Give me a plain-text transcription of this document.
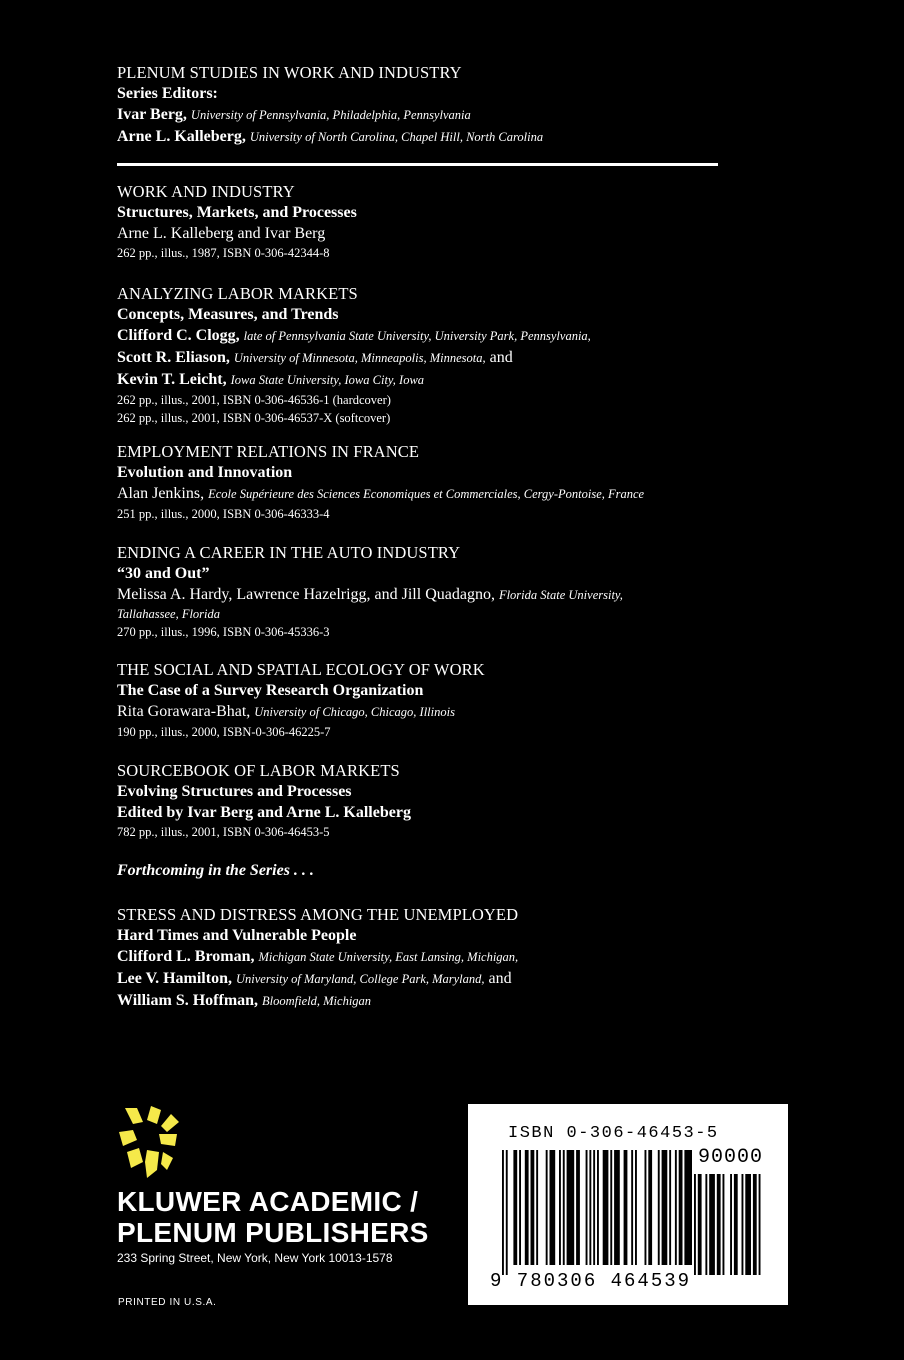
PLENUM STUDIES IN WORK AND INDUSTRY
Series Editors:
Ivar Berg, University of Pennsylvania, Philadelphia, Pennsylvania
Arne L. Kalleberg, University of North Carolina, Chapel Hill, North Carolina
WORK AND INDUSTRY
Structures, Markets, and Processes
Arne L. Kalleberg and Ivar Berg
262 pp., illus., 1987, ISBN 0-306-42344-8
ANALYZING LABOR MARKETS
Concepts, Measures, and Trends
Clifford C. Clogg, late of Pennsylvania State University, University Park, Pennsylvania,
Scott R. Eliason, University of Minnesota, Minneapolis, Minnesota, and
Kevin T. Leicht, Iowa State University, Iowa City, Iowa
262 pp., illus., 2001, ISBN 0-306-46536-1 (hardcover)
262 pp., illus., 2001, ISBN 0-306-46537-X (softcover)
EMPLOYMENT RELATIONS IN FRANCE
Evolution and Innovation
Alan Jenkins, Ecole Supérieure des Sciences Economiques et Commerciales, Cergy-Pontoise, France
251 pp., illus., 2000, ISBN 0-306-46333-4
ENDING A CAREER IN THE AUTO INDUSTRY
“30 and Out”
Melissa A. Hardy, Lawrence Hazelrigg, and Jill Quadagno, Florida State University,
Tallahassee, Florida
270 pp., illus., 1996, ISBN 0-306-45336-3
THE SOCIAL AND SPATIAL ECOLOGY OF WORK
The Case of a Survey Research Organization
Rita Gorawara-Bhat, University of Chicago, Chicago, Illinois
190 pp., illus., 2000, ISBN-0-306-46225-7
SOURCEBOOK OF LABOR MARKETS
Evolving Structures and Processes
Edited by Ivar Berg and Arne L. Kalleberg
782 pp., illus., 2001, ISBN 0-306-46453-5
Forthcoming in the Series . . .
STRESS AND DISTRESS AMONG THE UNEMPLOYED
Hard Times and Vulnerable People
Clifford L. Broman, Michigan State University, East Lansing, Michigan,
Lee V. Hamilton, University of Maryland, College Park, Maryland, and
William S. Hoffman, Bloomfield, Michigan
KLUWER ACADEMIC /
PLENUM PUBLISHERS
233 Spring Street, New York, New York 10013-1578
PRINTED IN U.S.A.
ISBN 0-306-46453-5
90000
9 780306 464539
